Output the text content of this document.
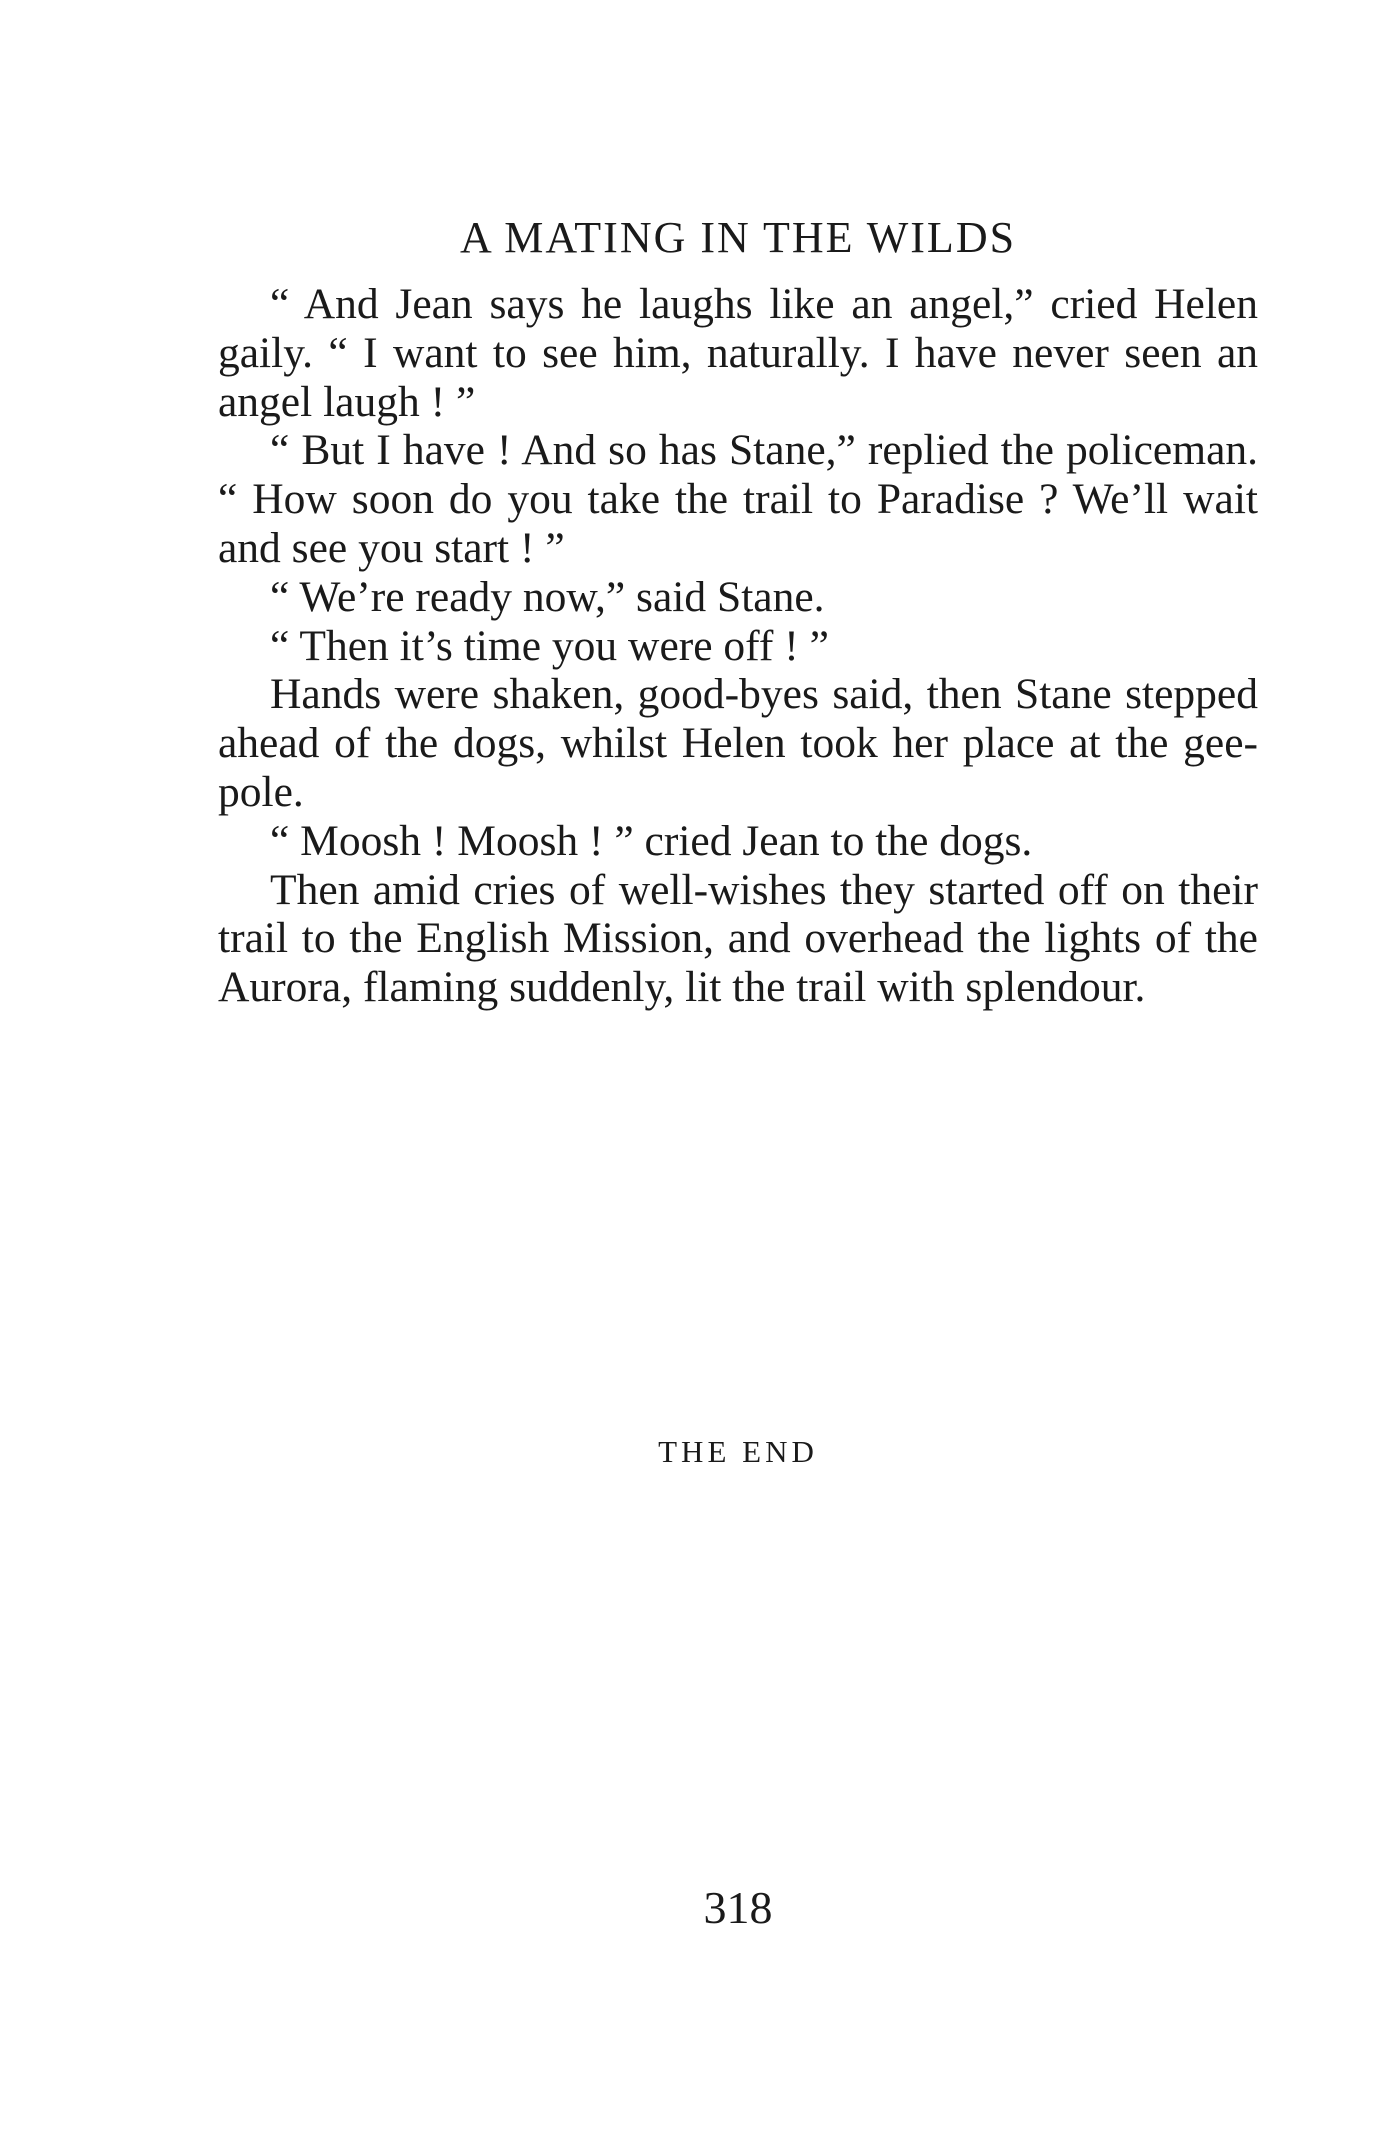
A MATING IN THE WILDS

“ And Jean says he laughs like an angel,” cried Helen gaily. “ I want to see him, naturally. I have never seen an angel laugh ! ”

“ But I have ! And so has Stane,” replied the policeman. “ How soon do you take the trail to Paradise ? We’ll wait and see you start ! ”

“ We’re ready now,” said Stane.

“ Then it’s time you were off ! ”

Hands were shaken, good-byes said, then Stane stepped ahead of the dogs, whilst Helen took her place at the gee-pole.

“ Moosh ! Moosh ! ” cried Jean to the dogs.

Then amid cries of well-wishes they started off on their trail to the English Mission, and overhead the lights of the Aurora, flaming suddenly, lit the trail with splendour.

THE END
318
